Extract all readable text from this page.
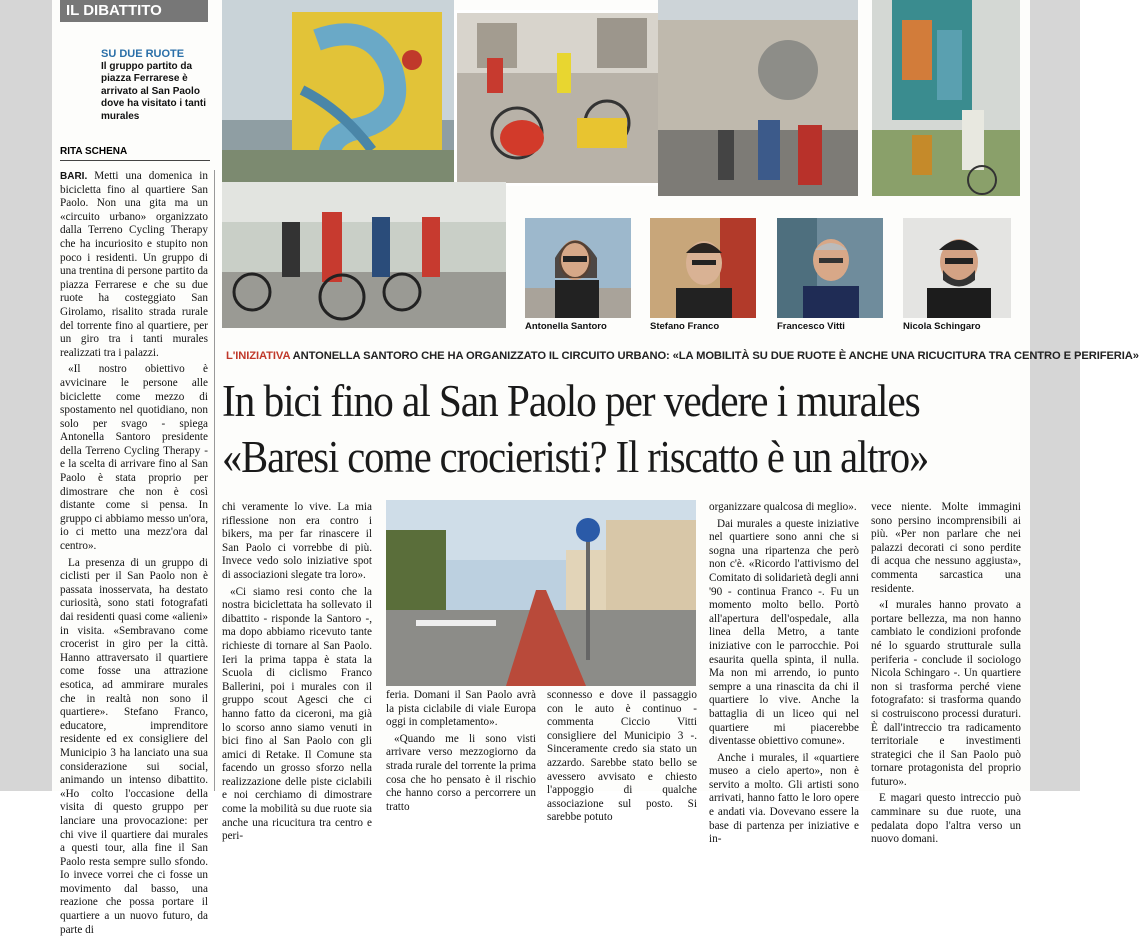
IL DIBATTITO
SU DUE RUOTE
Il gruppo partito da piazza Ferrarese è arrivato al San Paolo dove ha visitato i tanti murales
RITA SCHENA
Antonella Santoro	Stefano Franco	Francesco Vitti	Nicola Schingaro
L'INIZIATIVA ANTONELLA SANTORO CHE HA ORGANIZZATO IL CIRCUITO URBANO: «LA MOBILITÀ SU DUE RUOTE È ANCHE UNA RICUCITURA TRA CENTRO E PERIFERIA»
In bici fino al San Paolo per vedere i murales
«Baresi come crocieristi? Il riscatto è un altro»

BARI. Metti una domenica in bicicletta fino al quartiere San Paolo. Non una gita ma un «circuito urbano» organizzato dalla Terreno Cycling Therapy che ha incuriosito e stupito non poco i residenti. Un gruppo di una trentina di persone partito da piazza Ferrarese e che su due ruote ha costeggiato San Girolamo, risalito strada rurale del torrente fino al quartiere, per un giro tra i tanti murales realizzati tra i palazzi.

«Il nostro obiettivo è avvicinare le persone alle biciclette come mezzo di spostamento nel quotidiano, non solo per svago - spiega Antonella Santoro presidente della Terreno Cycling Therapy - e la scelta di arrivare fino al San Paolo è stata proprio per dimostrare che non è così distante come si pensa. In gruppo ci abbiamo messo un'ora, io ci metto una mezz'ora dal centro».

La presenza di un gruppo di ciclisti per il San Paolo non è passata inosservata, ha destato curiosità, sono stati fotografati dai residenti quasi come «alieni» in visita. «Sembravano come crocerist in giro per la città. Hanno attraversato il quartiere come fosse una attrazione esotica, ad ammirare murales che in realtà non sono il quartiere». Stefano Franco, educatore, imprenditore residente ed ex consigliere del Municipio 3 ha lanciato una sua considerazione sui social, animando un intenso dibattito. «Ho colto l'occasione della visita di questo gruppo per lanciare una provocazione: per chi vive il quartiere dai murales a questi tour, alla fine il San Paolo resta sempre sullo sfondo. Io invece vorrei che ci fosse un movimento dal basso, una reazione che possa portare il quartiere a un nuovo futuro, da parte di

chi veramente lo vive. La mia riflessione non era contro i bikers, ma per far rinascere il San Paolo ci vorrebbe di più. Invece vedo solo iniziative spot di associazioni slegate tra loro».

«Ci siamo resi conto che la nostra biciclettata ha sollevato il dibattito - risponde la Santoro -, ma dopo abbiamo ricevuto tante richieste di tornare al San Paolo. Ieri la prima tappa è stata la Scuola di ciclismo Franco Ballerini, poi i murales con il gruppo scout Agesci che ci hanno fatto da ciceroni, ma già lo scorso anno siamo venuti in bici fino al San Paolo con gli amici di Retake. Il Comune sta facendo un grosso sforzo nella realizzazione delle piste ciclabili e noi cerchiamo di dimostrare come la mobilità su due ruote sia anche una ricucitura tra centro e peri-

feria. Domani il San Paolo avrà la pista ciclabile di viale Europa oggi in completamento».

«Quando me li sono visti arrivare verso mezzogiorno da strada rurale del torrente la prima cosa che ho pensato è il rischio che hanno corso a percorrere un tratto

sconnesso e dove il passaggio con le auto è continuo - commenta Ciccio Vitti consigliere del Municipio 3 -. Sinceramente credo sia stato un azzardo. Sarebbe stato bello se avessero avvisato e chiesto l'appoggio di qualche associazione sul posto. Si sarebbe potuto

organizzare qualcosa di meglio».

Dai murales a queste iniziative nel quartiere sono anni che si sogna una ripartenza che però non c'è. «Ricordo l'attivismo del Comitato di solidarietà degli anni '90 - continua Franco -. Fu un momento molto bello. Portò all'apertura dell'ospedale, alla linea della Metro, a tante iniziative con le parrocchie. Poi esaurita quella spinta, il nulla. Ma non mi arrendo, io punto sempre a una rinascita da chi il quartiere lo vive. Anche la battaglia di un liceo qui nel quartiere mi piacerebbe diventasse obiettivo comune».

Anche i murales, il «quartiere museo a cielo aperto», non è servito a molto. Gli artisti sono arrivati, hanno fatto le loro opere e andati via. Dovevano essere la base di partenza per iniziative e in-

vece niente. Molte immagini sono persino incomprensibili ai più. «Per non parlare che nei palazzi decorati ci sono perdite di acqua che nessuno aggiusta», commenta sarcastica una residente.

«I murales hanno provato a portare bellezza, ma non hanno cambiato le condizioni profonde né lo sguardo strutturale sulla periferia - conclude il sociologo Nicola Schingaro -. Un quartiere non si trasforma perché viene fotografato: si trasforma quando si costruiscono processi duraturi. È dall'intreccio tra radicamento territoriale e investimenti strategici che il San Paolo può tornare protagonista del proprio futuro».

E magari questo intreccio può camminare su due ruote, una pedalata dopo l'altra verso un nuovo domani.
